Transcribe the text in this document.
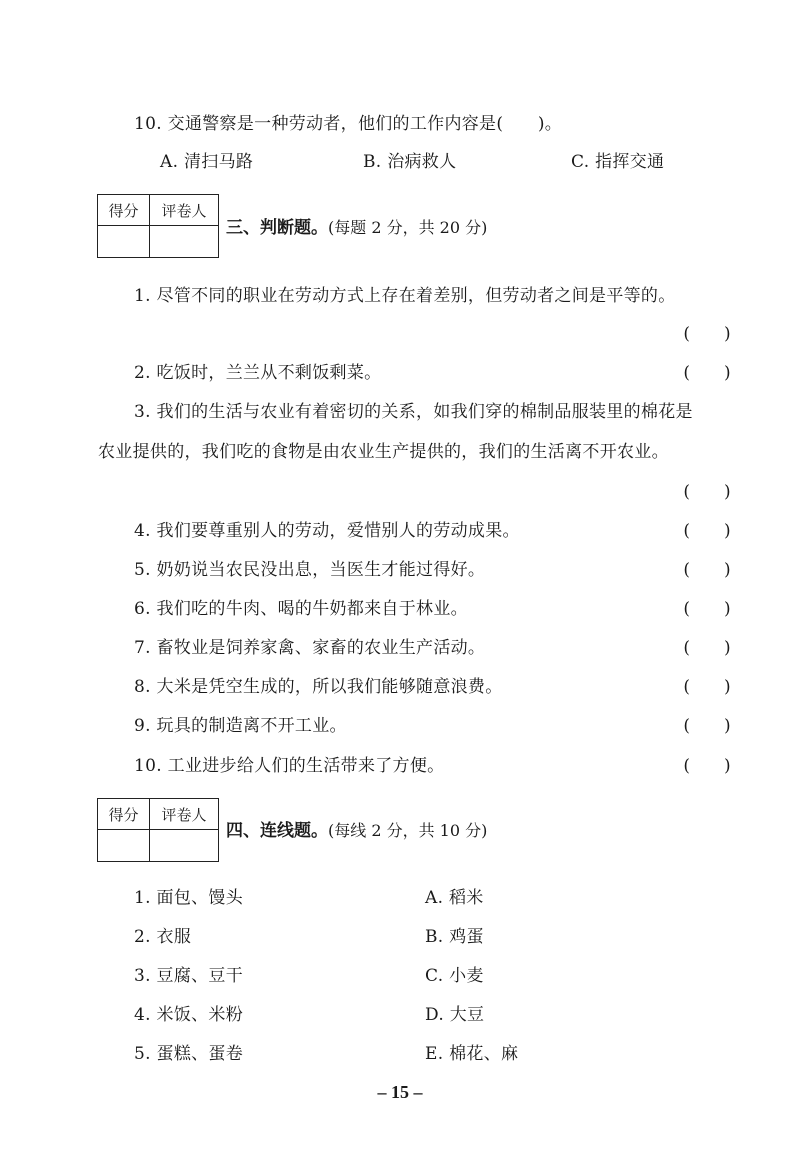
10. 交通警察是一种劳动者，他们的工作内容是(　　)。
A. 清扫马路	B. 治病救人	C. 指挥交通
得分	评卷人
三、判断题。(每题 2 分，共 20 分)
1. 尽管不同的职业在劳动方式上存在着差别，但劳动者之间是平等的。
(　　)
2. 吃饭时，兰兰从不剩饭剩菜。	(　　)
3. 我们的生活与农业有着密切的关系，如我们穿的棉制品服装里的棉花是
农业提供的，我们吃的食物是由农业生产提供的，我们的生活离不开农业。
(　　)
4. 我们要尊重别人的劳动，爱惜别人的劳动成果。	(　　)
5. 奶奶说当农民没出息，当医生才能过得好。	(　　)
6. 我们吃的牛肉、喝的牛奶都来自于林业。	(　　)
7. 畜牧业是饲养家禽、家畜的农业生产活动。	(　　)
8. 大米是凭空生成的，所以我们能够随意浪费。	(　　)
9. 玩具的制造离不开工业。	(　　)
10. 工业进步给人们的生活带来了方便。	(　　)
得分	评卷人
四、连线题。(每线 2 分，共 10 分)
1. 面包、馒头	A. 稻米
2. 衣服	B. 鸡蛋
3. 豆腐、豆干	C. 小麦
4. 米饭、米粉	D. 大豆
5. 蛋糕、蛋卷	E. 棉花、麻
– 15 –
